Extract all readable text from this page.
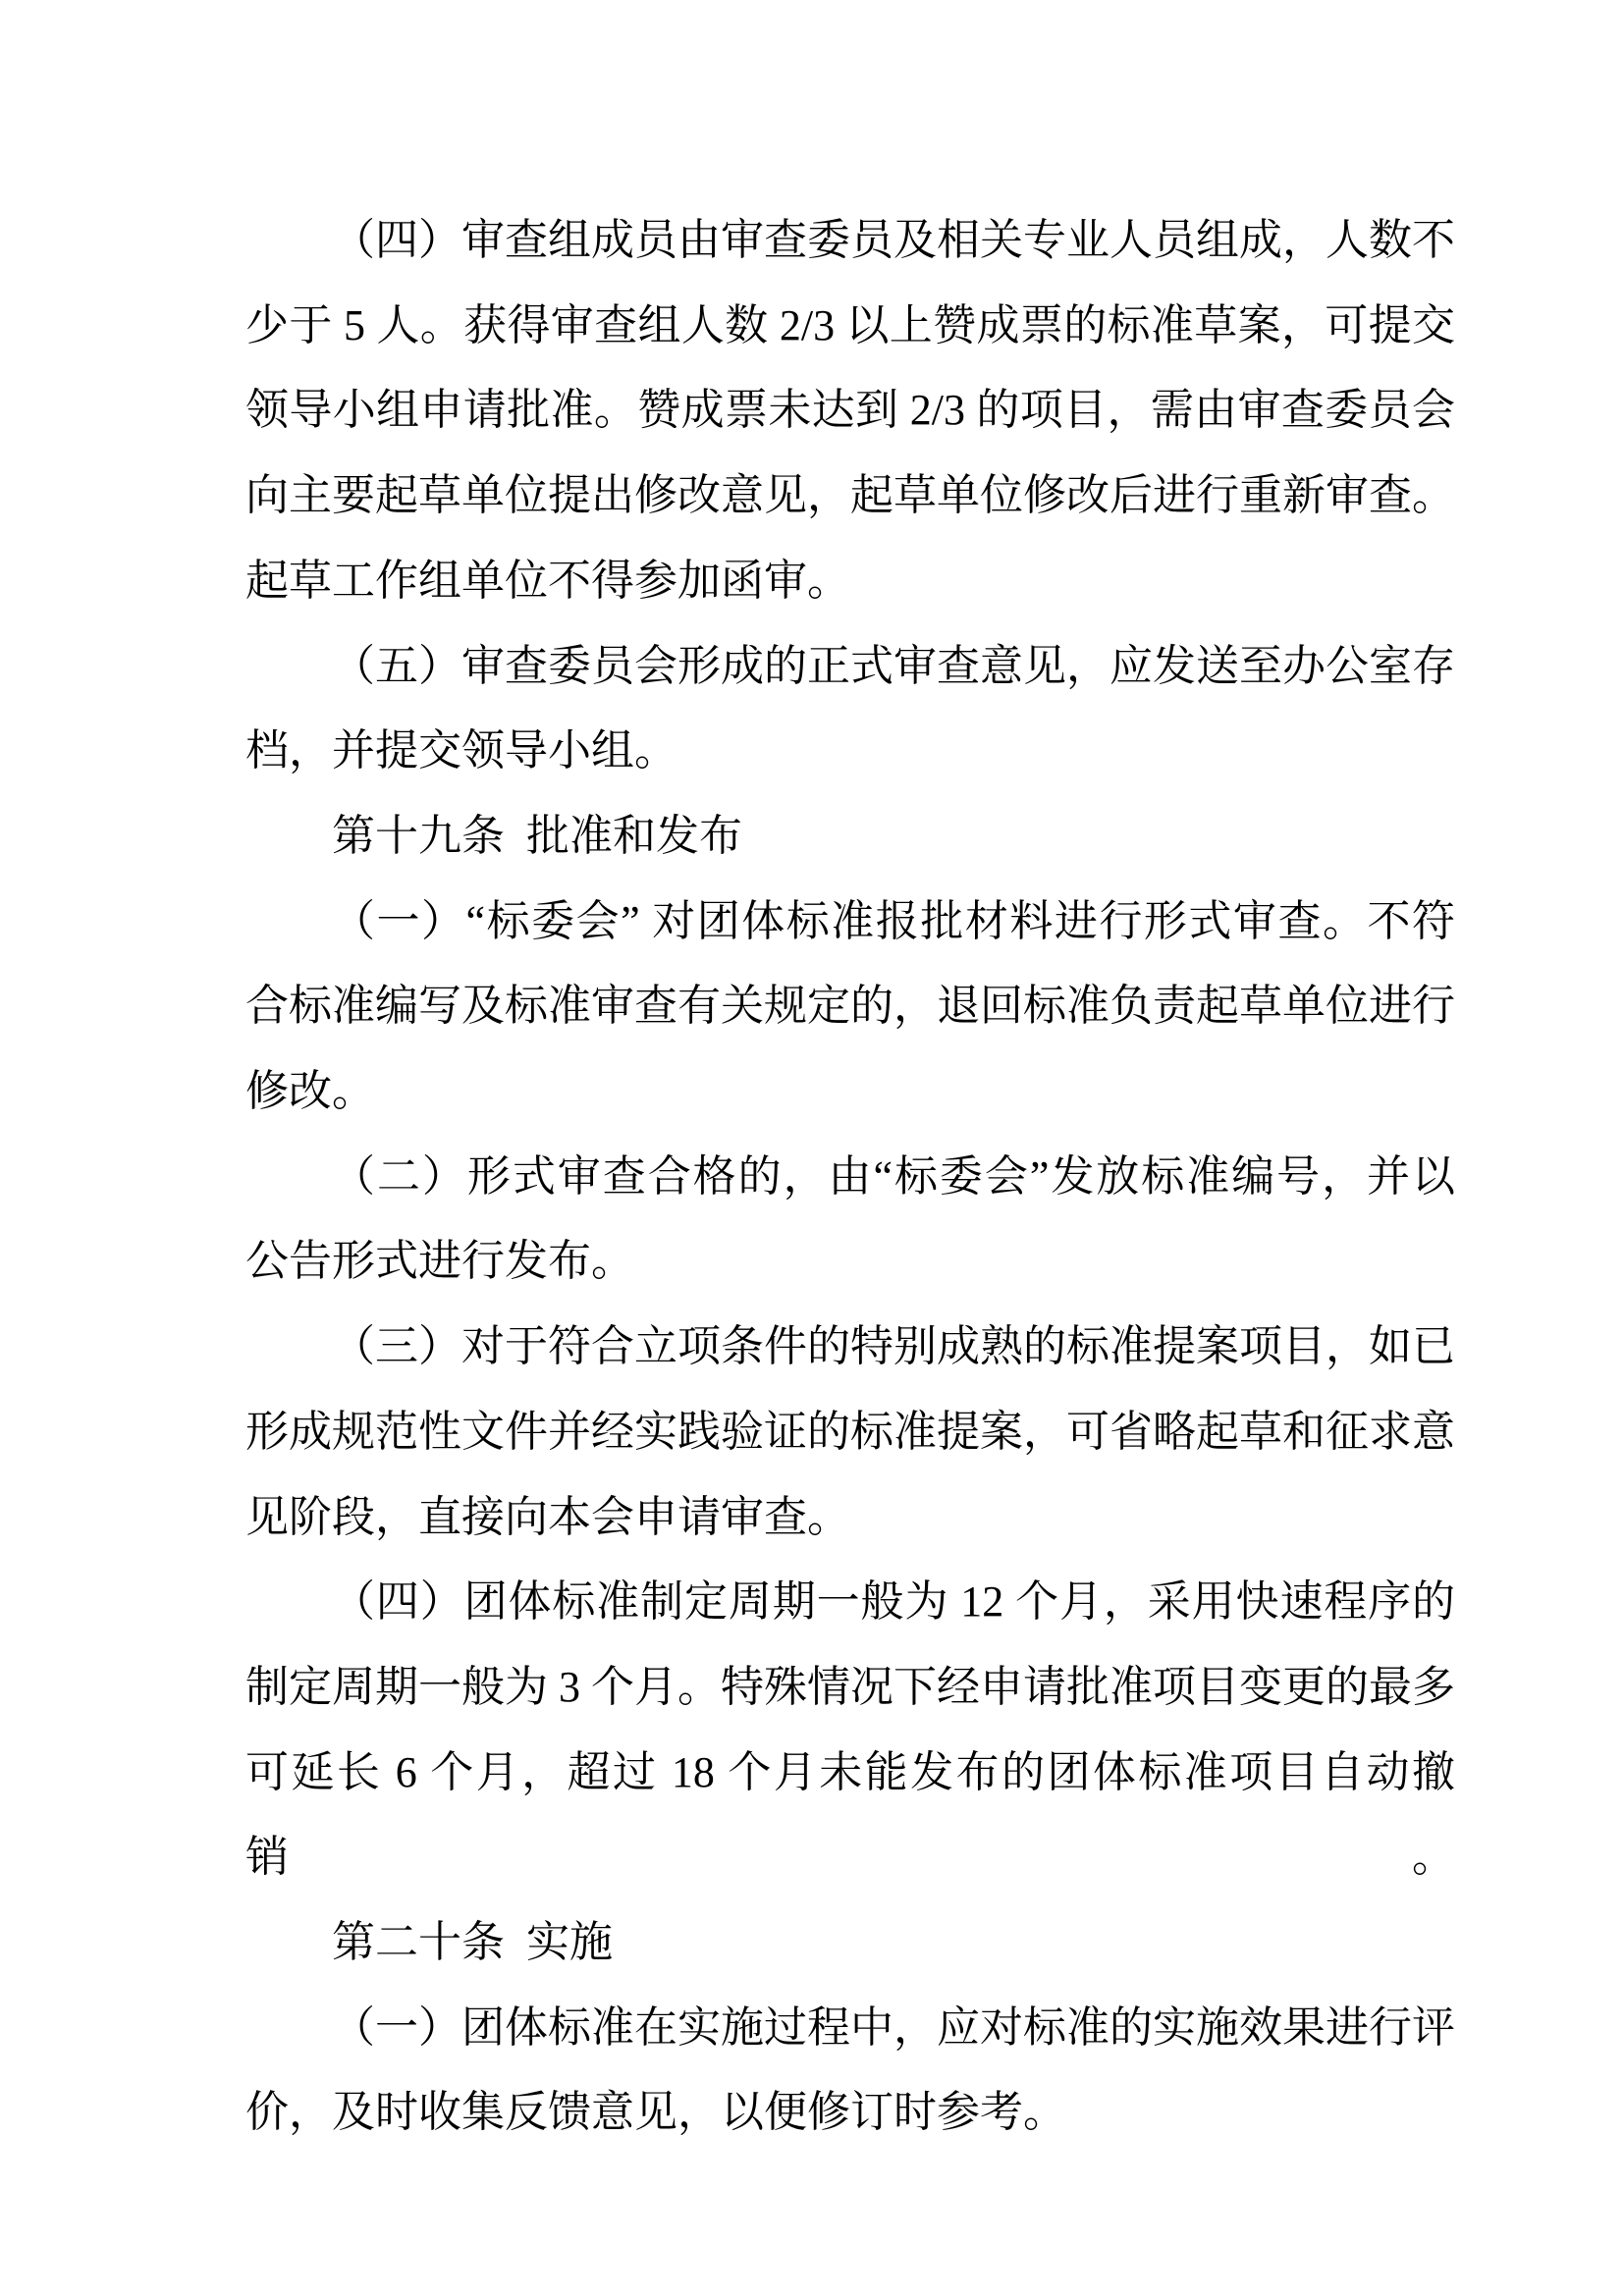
（四）审查组成员由审查委员及相关专业人员组成，人数不

少于 5 人。获得审查组人数 2/3 以上赞成票的标准草案，可提交

领导小组申请批准。赞成票未达到 2/3 的项目，需由审查委员会

向主要起草单位提出修改意见，起草单位修改后进行重新审查。

起草工作组单位不得参加函审。

（五）审查委员会形成的正式审查意见，应发送至办公室存

档，并提交领导小组。

第十九条  批准和发布

（一）“标委会” 对团体标准报批材料进行形式审查。不符

合标准编写及标准审查有关规定的，退回标准负责起草单位进行

修改。

（二）形式审查合格的，由“标委会”发放标准编号，并以

公告形式进行发布。

（三）对于符合立项条件的特别成熟的标准提案项目，如已

形成规范性文件并经实践验证的标准提案，可省略起草和征求意

见阶段，直接向本会申请审查。

（四）团体标准制定周期一般为 12 个月，采用快速程序的

制定周期一般为 3 个月。特殊情况下经申请批准项目变更的最多

可延长 6 个月，超过 18 个月未能发布的团体标准项目自动撤销。

第二十条  实施

（一）团体标准在实施过程中，应对标准的实施效果进行评

价，及时收集反馈意见，以便修订时参考。
